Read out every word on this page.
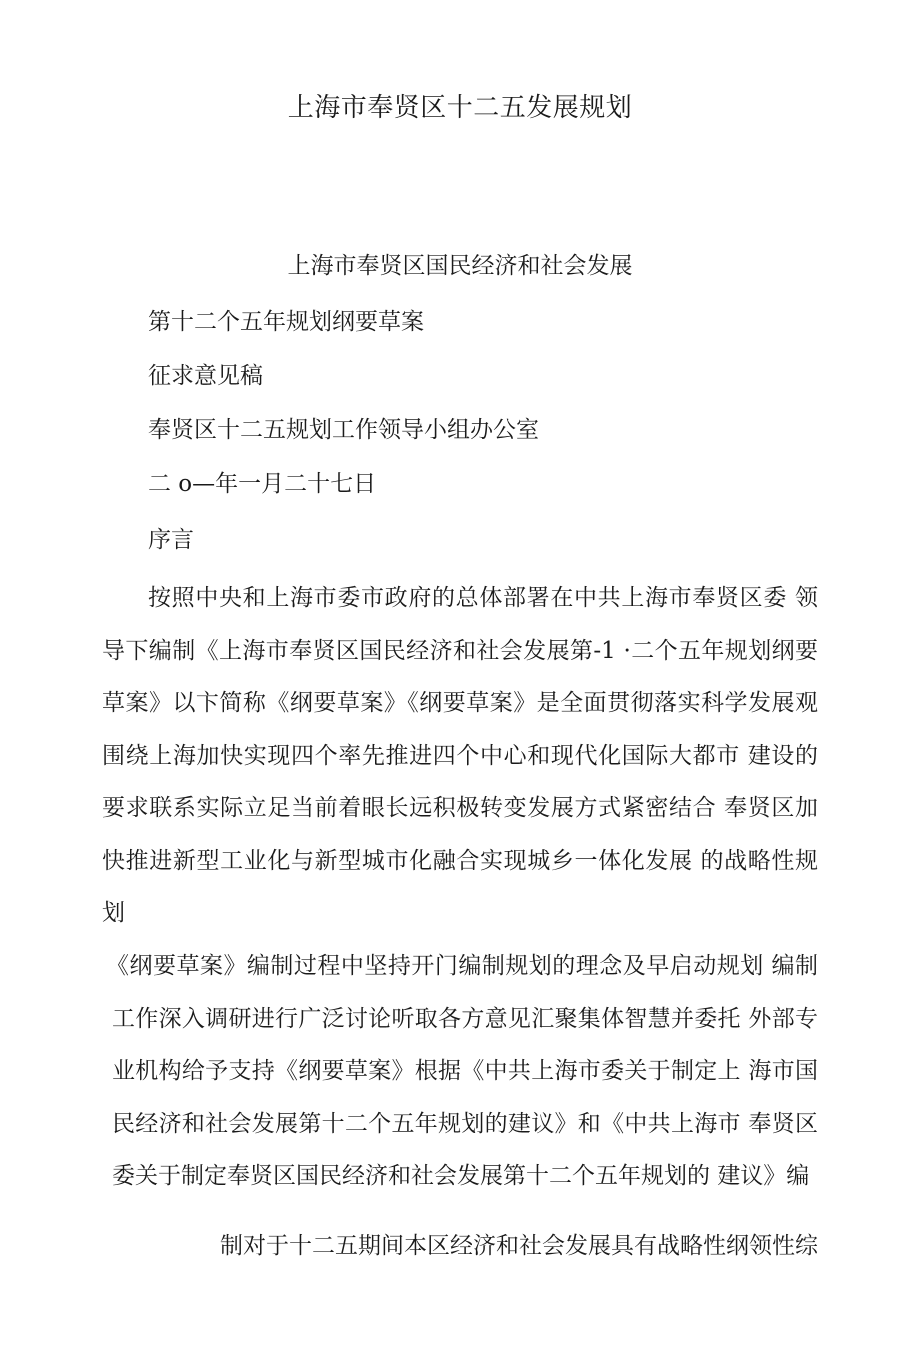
上海市奉贤区十二五发展规划
上海市奉贤区国民经济和社会发展
第十二个五年规划纲要草案
征求意见稿
奉贤区十二五规划工作领导小组办公室
二 o—年一月二十七日
序言

按照中央和上海市委市政府的总体部署在中共上海市奉贤区委 领导下编制《上海市奉贤区国民经济和社会发展第-1 ·二个五年规划纲要草案》以卞简称《纲要草案》《纲要草案》是全面贯彻落实科学发展观围绕上海加快实现四个率先推进四个中心和现代化国际大都市 建设的要求联系实际立足当前着眼长远积极转变发展方式紧密结合 奉贤区加快推进新型工业化与新型城市化融合实现城乡一体化发展 的战略性规划

《纲要草案》编制过程中坚持开门编制规划的理念及早启动规划 编制工作深入调研进行广泛讨论听取各方意见汇聚集体智慧并委托 外部专业机构给予支持《纲要草案》根据《中共上海市委关于制定上 海市国民经济和社会发展第十二个五年规划的建议》和《中共上海市 奉贤区委关于制定奉贤区国民经济和社会发展第十二个五年规划的 建议》编

制对于十二五期间本区经济和社会发展具有战略性纲领性综
